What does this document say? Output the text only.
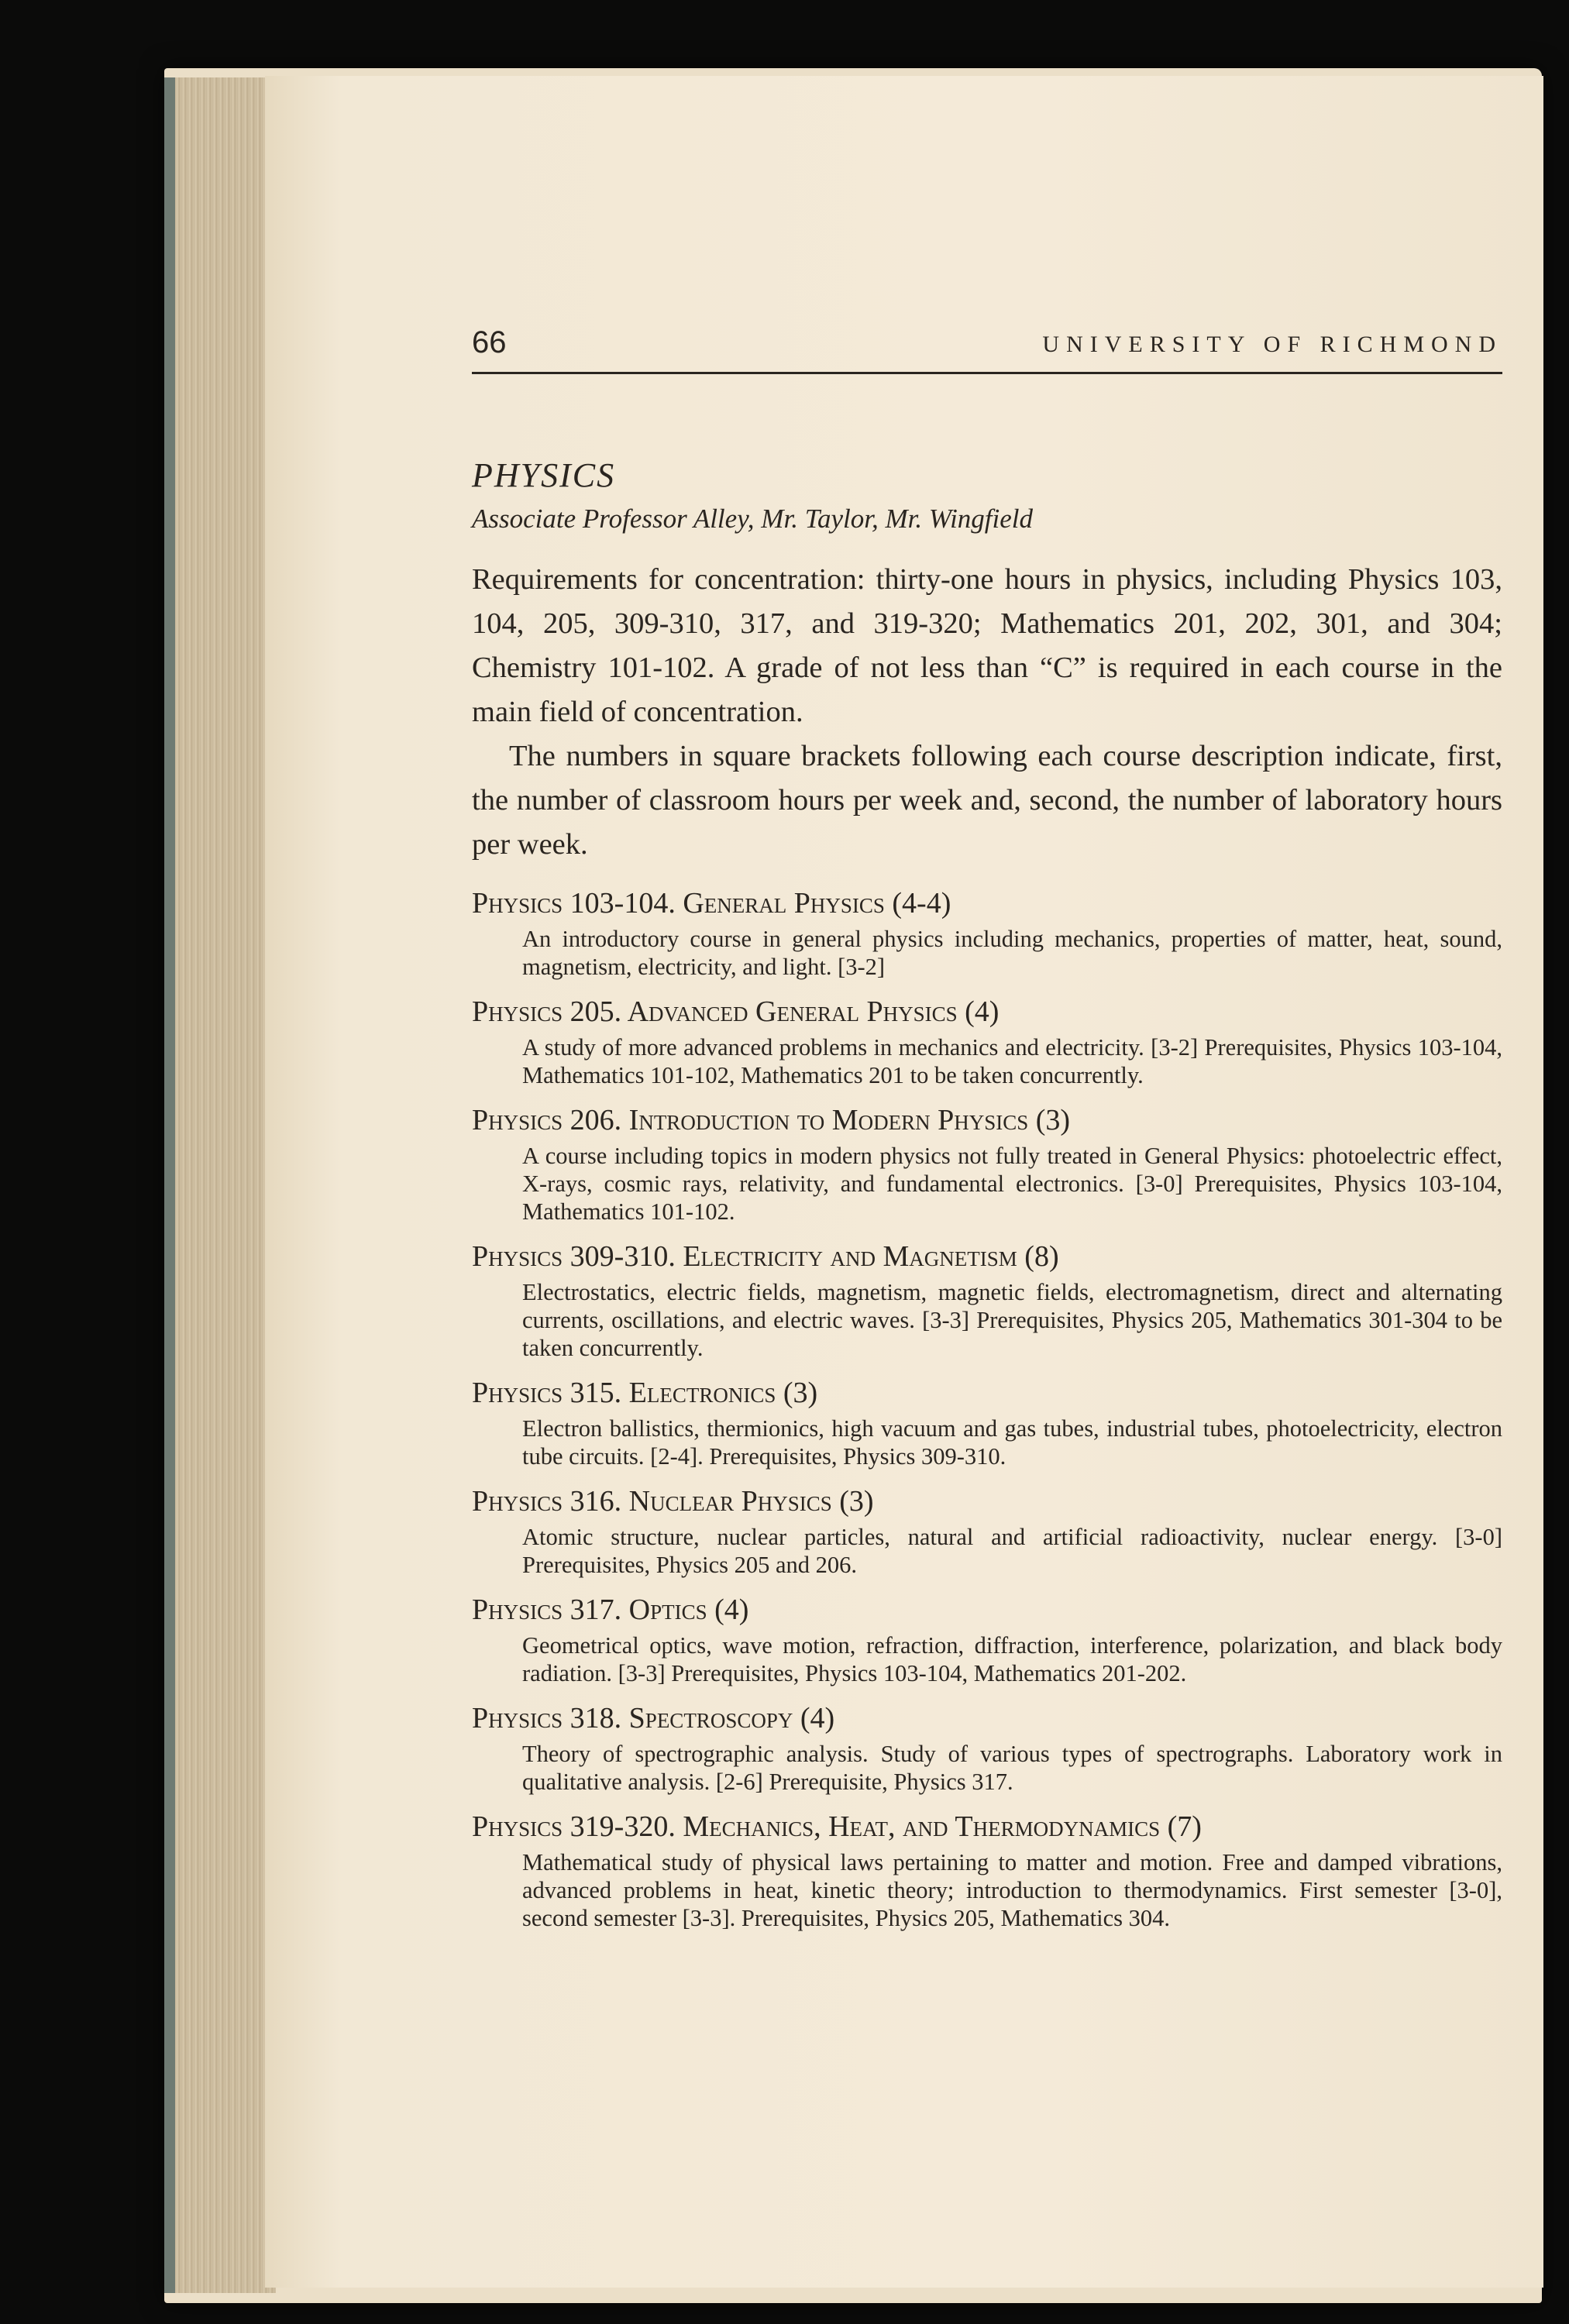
66	UNIVERSITY OF RICHMOND
PHYSICS
Associate Professor Alley, Mr. Taylor, Mr. Wingfield

Requirements for concentration: thirty-one hours in physics, including Physics 103, 104, 205, 309-310, 317, and 319-320; Mathematics 201, 202, 301, and 304; Chemistry 101-102. A grade of not less than “C” is required in each course in the main field of concentration.

The numbers in square brackets following each course description indicate, first, the number of classroom hours per week and, second, the number of laboratory hours per week.

Physics 103-104. General Physics (4-4)

An introductory course in general physics including mechanics, properties of matter, heat, sound, magnetism, electricity, and light. [3-2]

Physics 205. Advanced General Physics (4)

A study of more advanced problems in mechanics and electricity. [3-2] Prerequisites, Physics 103-104, Mathematics 101-102, Mathematics 201 to be taken concurrently.

Physics 206. Introduction to Modern Physics (3)

A course including topics in modern physics not fully treated in General Physics: photoelectric effect, X-rays, cosmic rays, relativity, and fundamental electronics. [3-0] Prerequisites, Physics 103-104, Mathematics 101-102.

Physics 309-310. Electricity and Magnetism (8)

Electrostatics, electric fields, magnetism, magnetic fields, electromagnetism, direct and alternating currents, oscillations, and electric waves. [3-3] Prerequisites, Physics 205, Mathematics 301-304 to be taken concurrently.

Physics 315. Electronics (3)

Electron ballistics, thermionics, high vacuum and gas tubes, industrial tubes, photoelectricity, electron tube circuits. [2-4]. Prerequisites, Physics 309-310.

Physics 316. Nuclear Physics (3)

Atomic structure, nuclear particles, natural and artificial radioactivity, nuclear energy. [3-0] Prerequisites, Physics 205 and 206.

Physics 317. Optics (4)

Geometrical optics, wave motion, refraction, diffraction, interference, polarization, and black body radiation. [3-3] Prerequisites, Physics 103-104, Mathematics 201-202.

Physics 318. Spectroscopy (4)

Theory of spectrographic analysis. Study of various types of spectrographs. Laboratory work in qualitative analysis. [2-6] Prerequisite, Physics 317.

Physics 319-320. Mechanics, Heat, and Thermodynamics (7)

Mathematical study of physical laws pertaining to matter and motion. Free and damped vibrations, advanced problems in heat, kinetic theory; introduction to thermodynamics. First semester [3-0], second semester [3-3]. Prerequisites, Physics 205, Mathematics 304.
